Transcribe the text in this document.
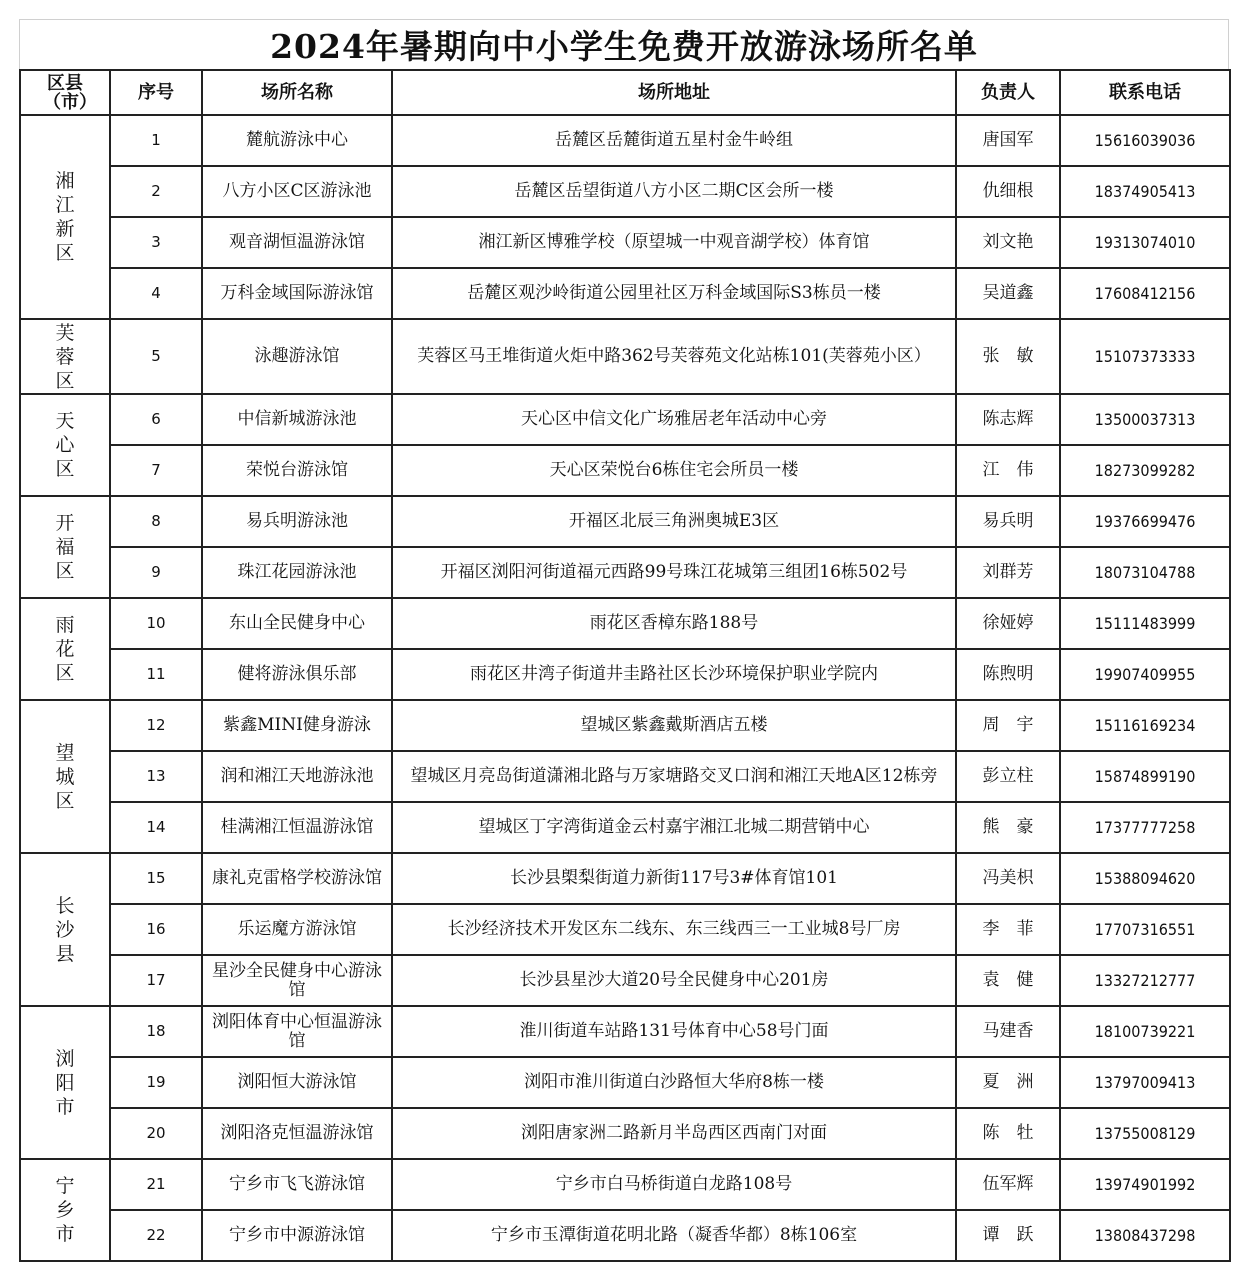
2024年暑期向中小学生免费开放游泳场所名单
区县（市）	序号	场所名称	场所地址	负责人	联系电话
湘江新区	1	麓航游泳中心	岳麓区岳麓街道五星村金牛岭组	唐国军	15616039036
	2	八方小区C区游泳池	岳麓区岳望街道八方小区二期C区会所一楼	仇细根	18374905413
	3	观音湖恒温游泳馆	湘江新区博雅学校（原望城一中观音湖学校）体育馆	刘文艳	19313074010
	4	万科金域国际游泳馆	岳麓区观沙岭街道公园里社区万科金域国际S3栋员一楼	吴道鑫	17608412156
芙蓉区	5	泳趣游泳馆	芙蓉区马王堆街道火炬中路362号芙蓉苑文化站栋101(芙蓉苑小区）	张　敏	15107373333
天心区	6	中信新城游泳池	天心区中信文化广场雅居老年活动中心旁	陈志辉	13500037313
	7	荣悦台游泳馆	天心区荣悦台6栋住宅会所员一楼	江　伟	18273099282
开福区	8	易兵明游泳池	开福区北辰三角洲奥城E3区	易兵明	19376699476
	9	珠江花园游泳池	开福区浏阳河街道福元西路99号珠江花城第三组团16栋502号	刘群芳	18073104788
雨花区	10	东山全民健身中心	雨花区香樟东路188号	徐娅婷	15111483999
	11	健将游泳俱乐部	雨花区井湾子街道井圭路社区长沙环境保护职业学院内	陈煦明	19907409955
望城区	12	紫鑫MINI健身游泳	望城区紫鑫戴斯酒店五楼	周　宇	15116169234
	13	润和湘江天地游泳池	望城区月亮岛街道潇湘北路与万家塘路交叉口润和湘江天地A区12栋旁	彭立柱	15874899190
	14	桂满湘江恒温游泳馆	望城区丁字湾街道金云村嘉宇湘江北城二期营销中心	熊　豪	17377777258
长沙县	15	康礼克雷格学校游泳馆	长沙县㮾梨街道力新街117号3#体育馆101	冯美枳	15388094620
	16	乐运魔方游泳馆	长沙经济技术开发区东二线东、东三线西三一工业城8号厂房	李　菲	17707316551
	17	星沙全民健身中心游泳馆	长沙县星沙大道20号全民健身中心201房	袁　健	13327212777
浏阳市	18	浏阳体育中心恒温游泳馆	淮川街道车站路131号体育中心58号门面	马建香	18100739221
	19	浏阳恒大游泳馆	浏阳市淮川街道白沙路恒大华府8栋一楼	夏　洲	13797009413
	20	浏阳洛克恒温游泳馆	浏阳唐家洲二路新月半岛西区西南门对面	陈　牡	13755008129
宁乡市	21	宁乡市飞飞游泳馆	宁乡市白马桥街道白龙路108号	伍军辉	13974901992
	22	宁乡市中源游泳馆	宁乡市玉潭街道花明北路（凝香华都）8栋106室	谭　跃	13808437298
